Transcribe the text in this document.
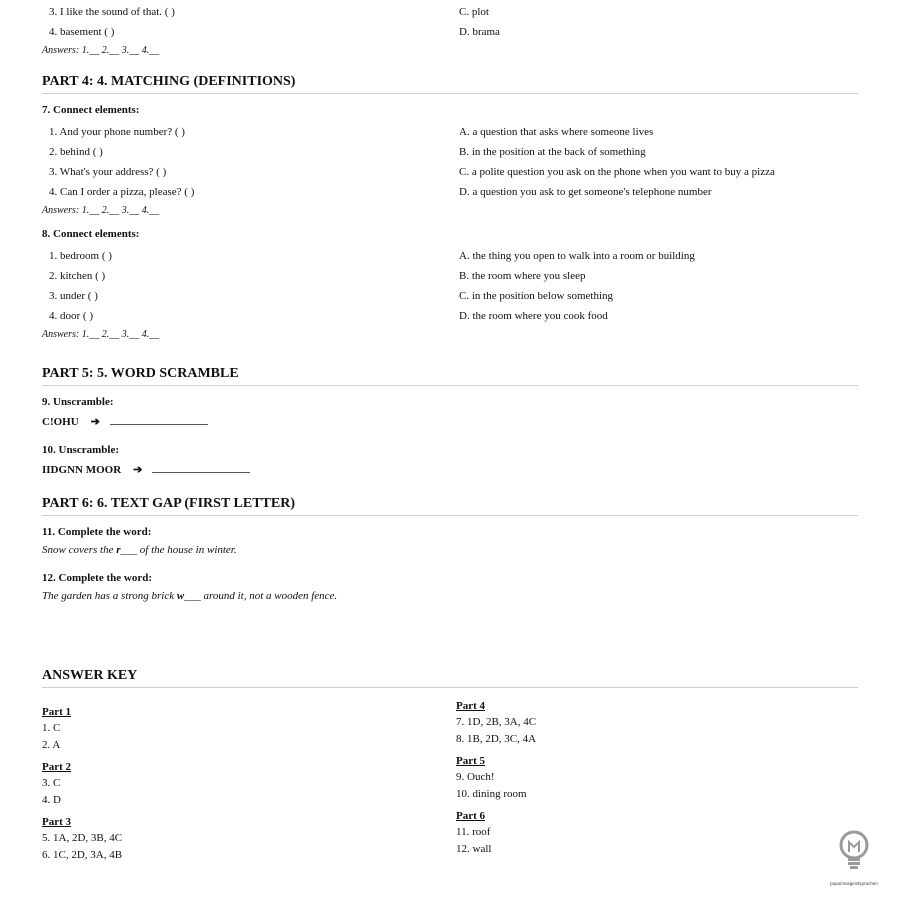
3. I like the sound of that. ( )	C. plot
4. basement ( )	D. brama
Answers: 1.__ 2.__ 3.__ 4.__
PART 4: 4. MATCHING (DEFINITIONS)
7. Connect elements:
1. And your phone number? ( )	A. a question that asks where someone lives
2. behind ( )	B. in the position at the back of something
3. What's your address? ( )	C. a polite question you ask on the phone when you want to buy a pizza
4. Can I order a pizza, please? ( )	D. a question you ask to get someone's telephone number
Answers: 1.__ 2.__ 3.__ 4.__
8. Connect elements:
1. bedroom ( )	A. the thing you open to walk into a room or building
2. kitchen ( )	B. the room where you sleep
3. under ( )	C. in the position below something
4. door ( )	D. the room where you cook food
Answers: 1.__ 2.__ 3.__ 4.__
PART 5: 5. WORD SCRAMBLE
9. Unscramble:
C!OHU ➔
10. Unscramble:
IIDGNN MOOR ➔
PART 6: 6. TEXT GAP (FIRST LETTER)
11. Complete the word:
Snow covers the r___ of the house in winter.
12. Complete the word:
The garden has a strong brick w___ around it, not a wooden fence.
ANSWER KEY
Part 1
1. C
2. A
Part 2
3. C
4. D
Part 3
5. 1A, 2D, 3B, 4C
6. 1C, 2D, 3A, 4B
Part 4
7. 1D, 2B, 3A, 4C
8. 1B, 2D, 3C, 4A
Part 5
9. Ouch!
10. dining room
Part 6
11. roof
12. wall
papoimosgeistsprachen
